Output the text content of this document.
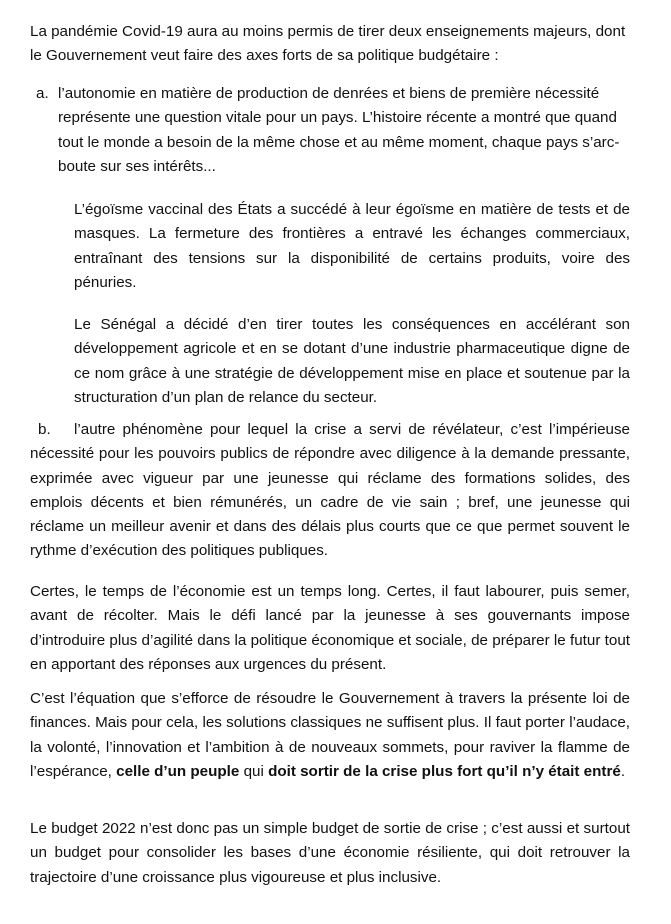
La pandémie Covid-19 aura au moins permis de tirer deux enseignements majeurs, dont le Gouvernement veut faire des axes forts de sa politique budgétaire :

a. l’autonomie en matière de production de denrées et biens de première nécessité représente une question vitale pour un pays. L’histoire récente a montré que quand tout le monde a besoin de la même chose et au même moment, chaque pays s’arc-boute sur ses intérêts...

L’égoïsme vaccinal des États a succédé à leur égoïsme en matière de tests et de masques. La fermeture des frontières a entravé les échanges commerciaux, entraînant des tensions sur la disponibilité de certains produits, voire des pénuries.

Le Sénégal a décidé d’en tirer toutes les conséquences en accélérant son développement agricole et en se dotant d’une industrie pharmaceutique digne de ce nom grâce à une stratégie de développement mise en place et soutenue par la structuration d’un plan de relance du secteur.

b. l’autre phénomène pour lequel la crise a servi de révélateur, c’est l’impérieuse nécessité pour les pouvoirs publics de répondre avec diligence à la demande pressante, exprimée avec vigueur par une jeunesse qui réclame des formations solides, des emplois décents et bien rémunérés, un cadre de vie sain ; bref, une jeunesse qui réclame un meilleur avenir et dans des délais plus courts que ce que permet souvent le rythme d’exécution des politiques publiques.

Certes, le temps de l’économie est un temps long. Certes, il faut labourer, puis semer, avant de récolter. Mais le défi lancé par la jeunesse à ses gouvernants impose d’introduire plus d’agilité dans la politique économique et sociale, de préparer le futur tout en apportant des réponses aux urgences du présent.

C’est l’équation que s’efforce de résoudre le Gouvernement à travers la présente loi de finances. Mais pour cela, les solutions classiques ne suffisent plus. Il faut porter l’audace, la volonté, l’innovation et l’ambition à de nouveaux sommets, pour raviver la flamme de l’espérance, celle d’un peuple qui doit sortir de la crise plus fort qu’il n’y était entré.

Le budget 2022 n’est donc pas un simple budget de sortie de crise ; c’est aussi et surtout un budget pour consolider les bases d’une économie résiliente, qui doit retrouver la trajectoire d’une croissance plus vigoureuse et plus inclusive.
